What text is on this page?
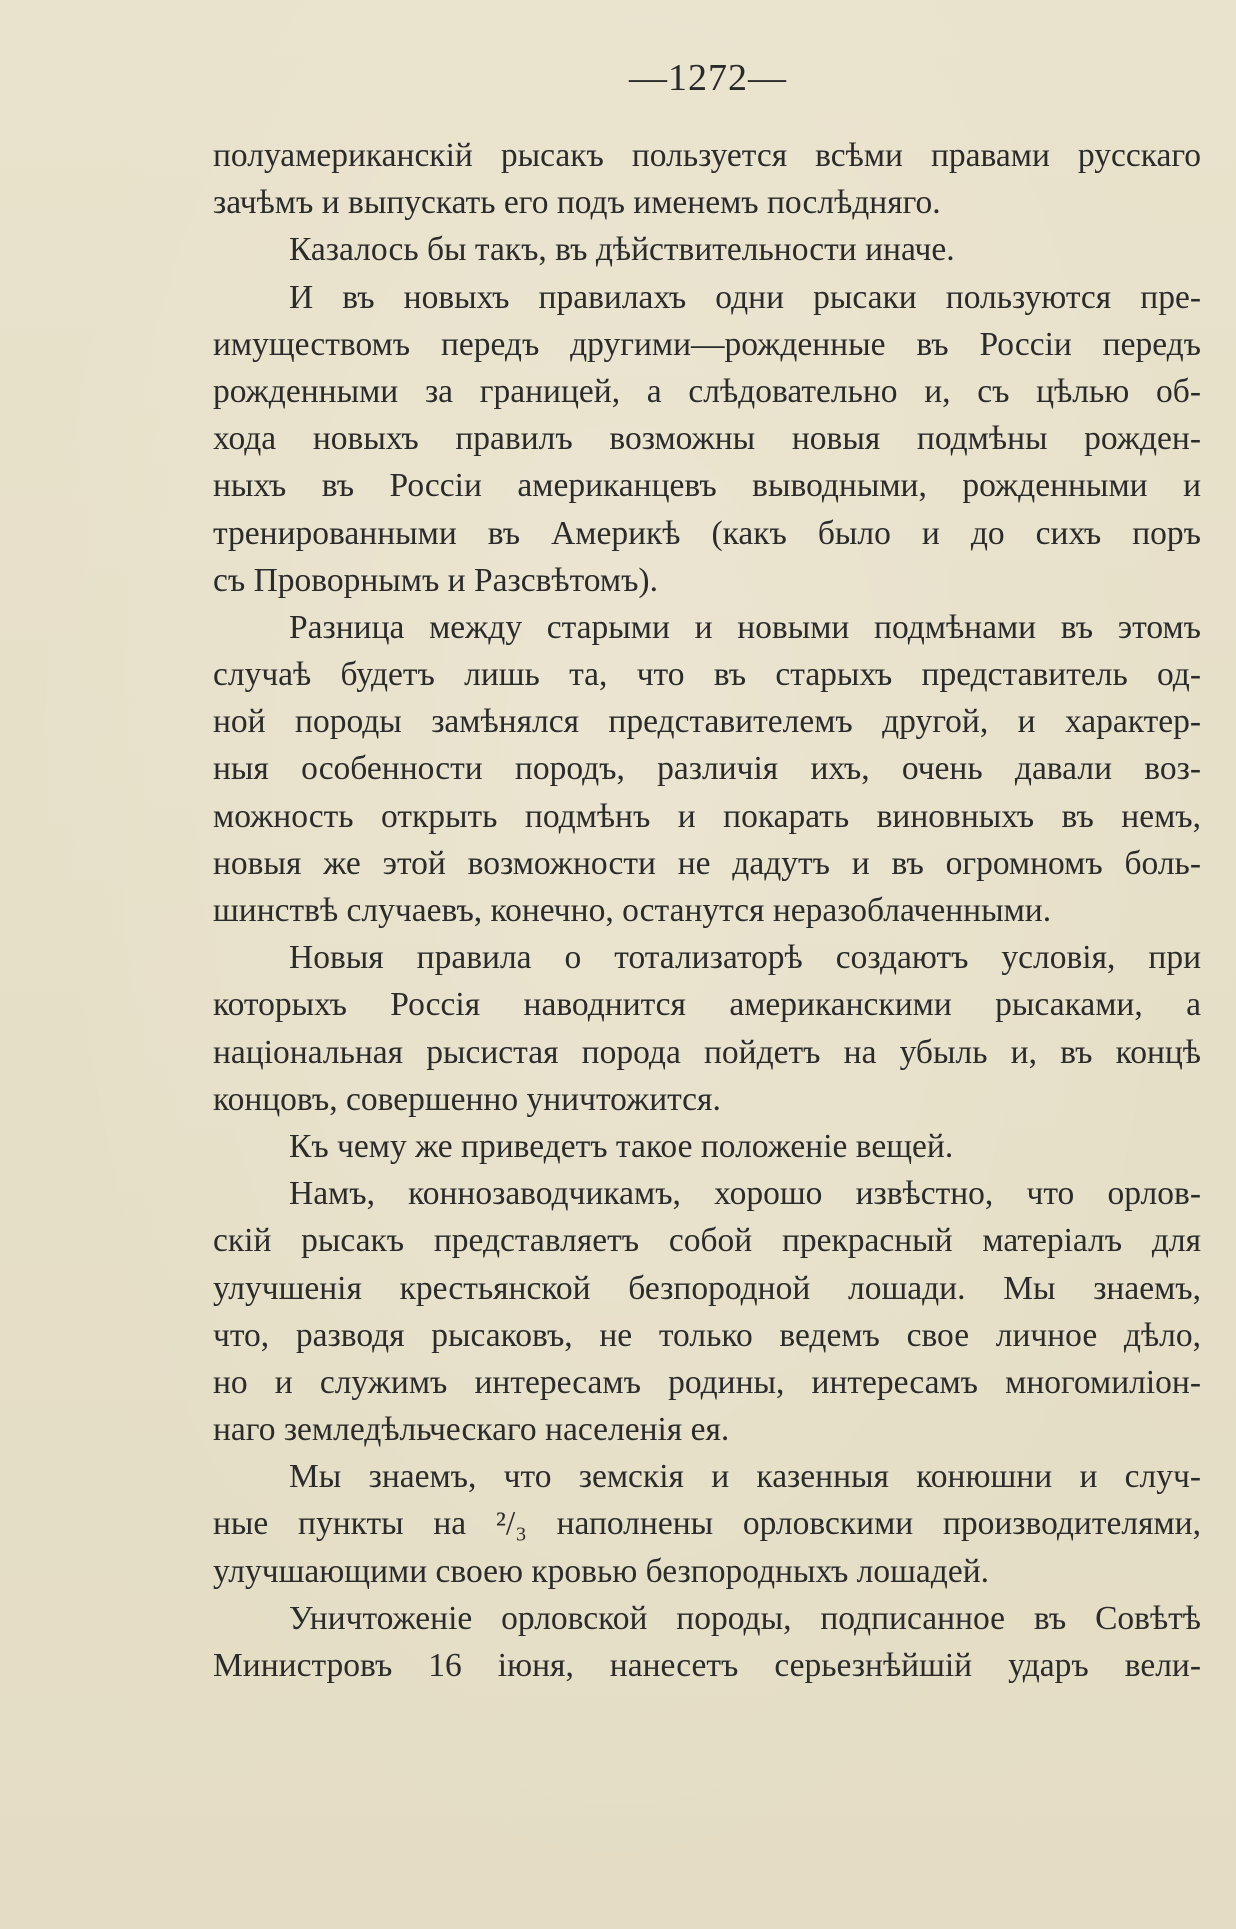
—1272—
полуамериканскій рысакъ пользуется всѣми правами русскаго
зачѣмъ и выпускать его подъ именемъ послѣдняго.
Казалось бы такъ, въ дѣйствительности иначе.
И въ новыхъ правилахъ одни рысаки пользуются пре-
имуществомъ передъ другими—рожденные въ Россіи передъ
рожденными за границей, а слѣдовательно и, съ цѣлью об-
хода новыхъ правилъ возможны новыя подмѣны рожден-
ныхъ въ Россіи американцевъ выводными, рожденными и
тренированными въ Америкѣ (какъ было и до сихъ поръ
съ Проворнымъ и Разсвѣтомъ).
Разница между старыми и новыми подмѣнами въ этомъ
случаѣ будетъ лишь та, что въ старыхъ представитель од-
ной породы замѣнялся представителемъ другой, и характер-
ныя особенности породъ, различія ихъ, очень давали воз-
можность открыть подмѣнъ и покарать виновныхъ въ немъ,
новыя же этой возможности не дадутъ и въ огромномъ боль-
шинствѣ случаевъ, конечно, останутся неразоблаченными.
Новыя правила о тотализаторѣ создаютъ условія, при
которыхъ Россія наводнится американскими рысаками, а
національная рысистая порода пойдетъ на убыль и, въ концѣ
концовъ, совершенно уничтожится.
Къ чему же приведетъ такое положеніе вещей.
Намъ, коннозаводчикамъ, хорошо извѣстно, что орлов-
скій рысакъ представляетъ собой прекрасный матеріалъ для
улучшенія крестьянской безпородной лошади. Мы знаемъ,
что, разводя рысаковъ, не только ведемъ свое личное дѣло,
но и служимъ интересамъ родины, интересамъ многомиліон-
наго земледѣльческаго населенія ея.
Мы знаемъ, что земскія и казенныя конюшни и случ-
ные пункты на ²/₃ наполнены орловскими производителями,
улучшающими своею кровью безпородныхъ лошадей.
Уничтоженіе орловской породы, подписанное въ Совѣтѣ
Министровъ 16 іюня, нанесетъ серьезнѣйшій ударъ вели-
